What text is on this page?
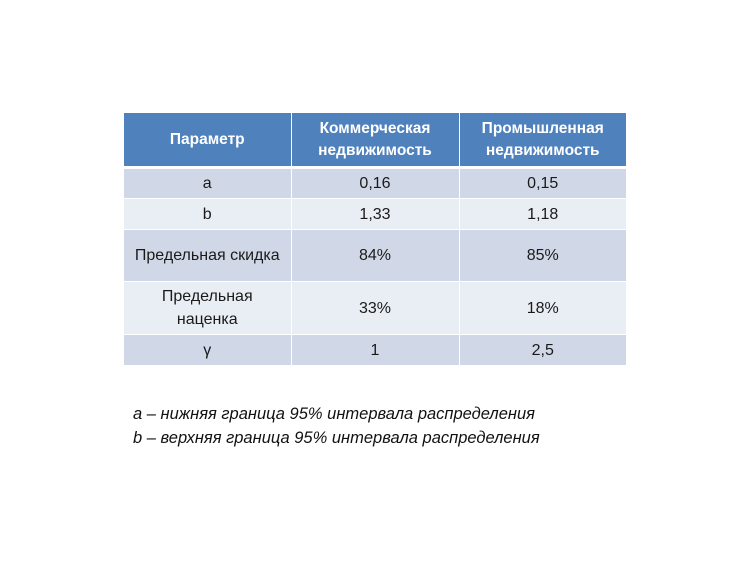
Параметр	Коммерческая недвижимость	Промышленная недвижимость
a	0,16	0,15
b	1,33	1,18
Предельная скидка	84%	85%
Предельная наценка	33%	18%
γ	1	2,5
a – нижняя граница 95% интервала распределения
b – верхняя граница 95% интервала распределения
